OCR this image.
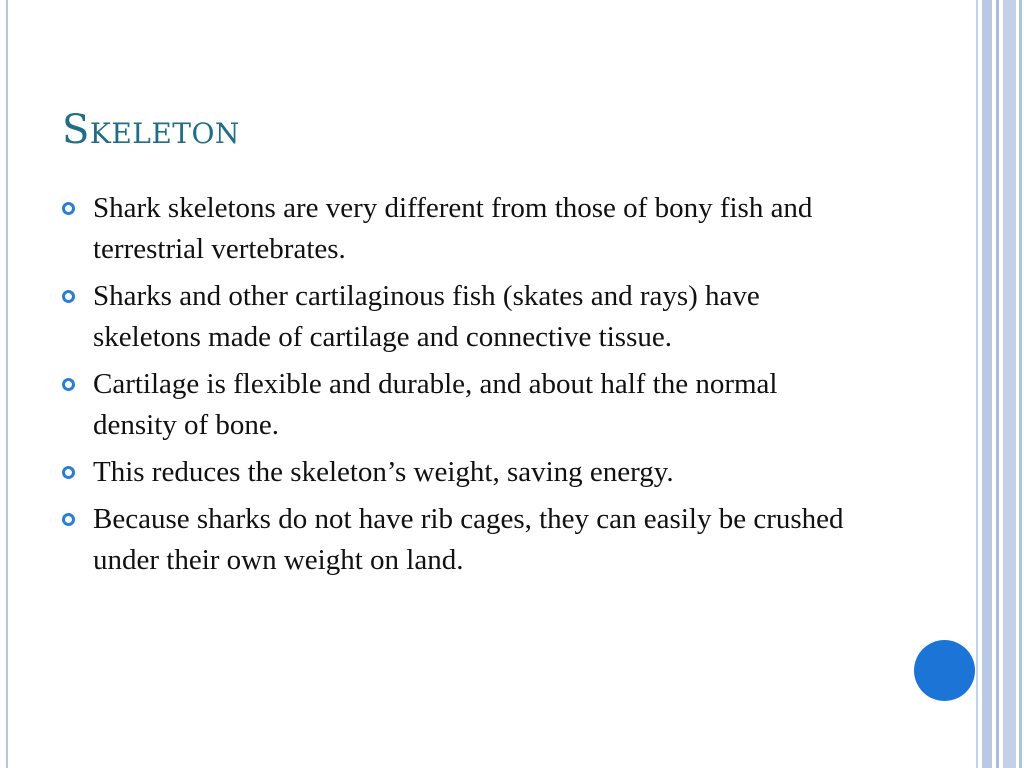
Skeleton
Shark skeletons are very different from those of bony fish and terrestrial vertebrates.
Sharks and other cartilaginous fish (skates and rays) have skeletons made of cartilage and connective tissue.
Cartilage is flexible and durable, and about half the normal density of bone.
This reduces the skeleton’s weight, saving energy.
Because sharks do not have rib cages, they can easily be crushed under their own weight on land.
